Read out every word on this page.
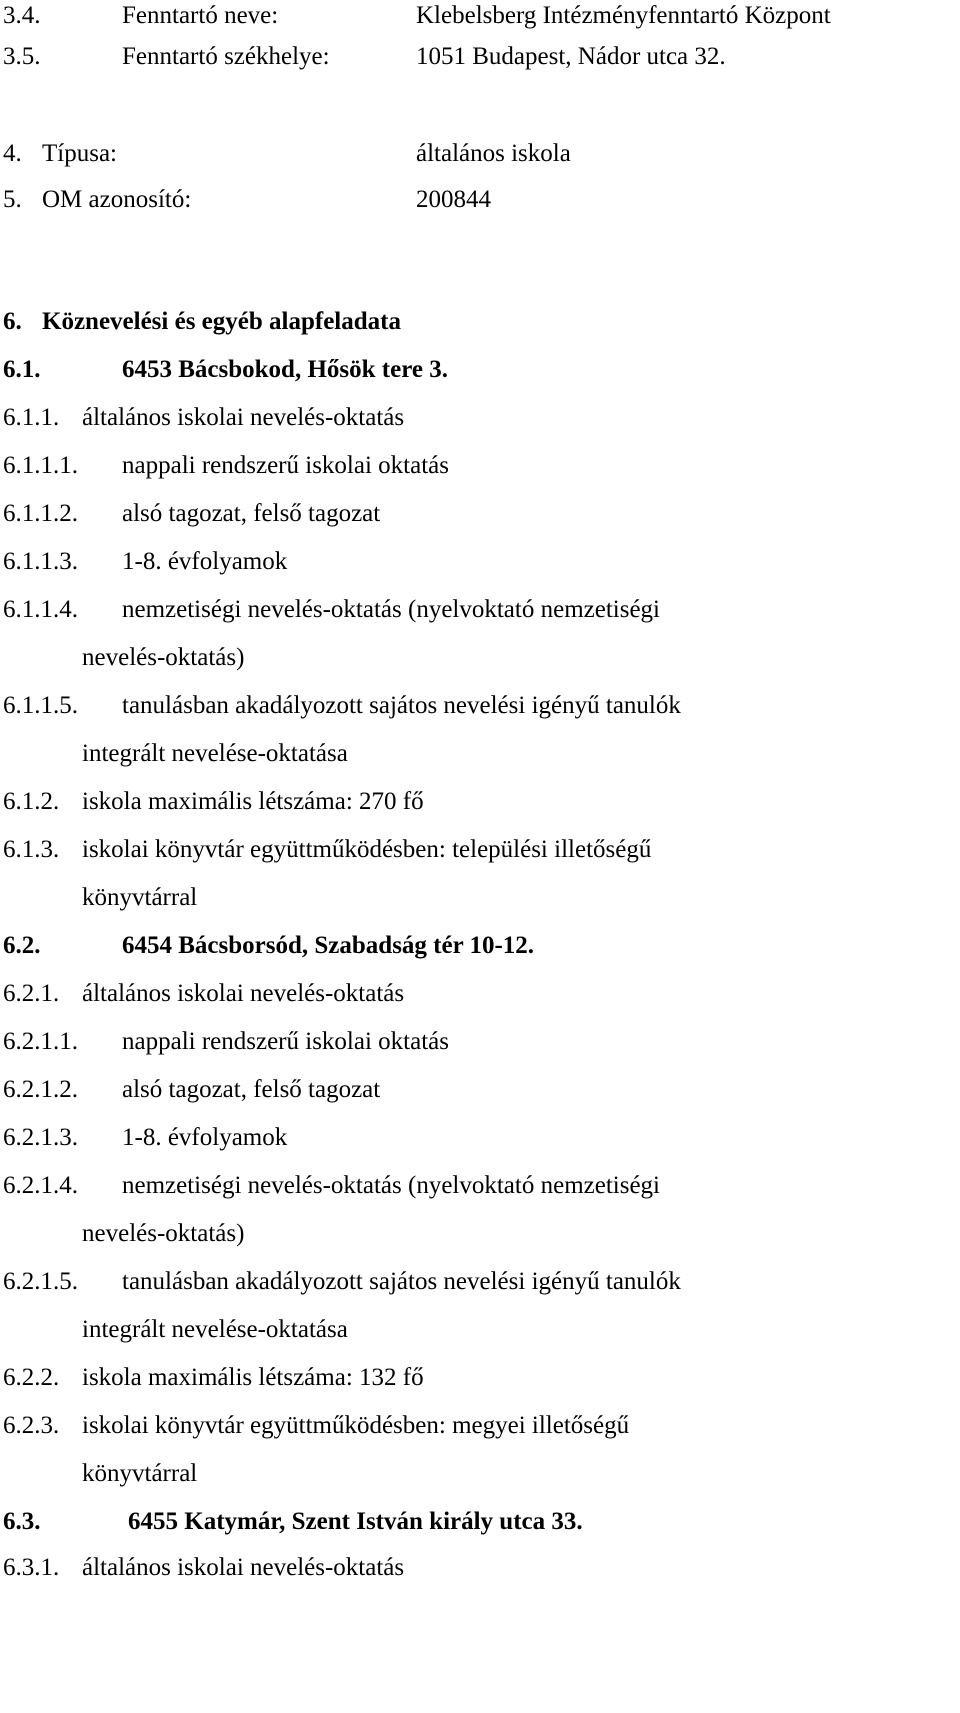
3.4.	Fenntartó neve:	Klebelsberg Intézményfenntartó Központ
3.5.	Fenntartó székhelye:	1051 Budapest, Nádor utca 32.
4. Típusa:	általános iskola
5. OM azonosító:	200844
6. Köznevelési és egyéb alapfeladata
6.1.	6453 Bácsbokod, Hősök tere 3.
6.1.1. általános iskolai nevelés-oktatás
6.1.1.1. nappali rendszerű iskolai oktatás
6.1.1.2. alsó tagozat, felső tagozat
6.1.1.3. 1-8. évfolyamok
6.1.1.4. nemzetiségi nevelés-oktatás (nyelvoktató nemzetiségi
nevelés-oktatás)
6.1.1.5. tanulásban akadályozott sajátos nevelési igényű tanulók
integrált nevelése-oktatása
6.1.2. iskola maximális létszáma: 270 fő
6.1.3. iskolai könyvtár együttműködésben: települési illetőségű
könyvtárral
6.2.	6454 Bácsborsód, Szabadság tér 10-12.
6.2.1. általános iskolai nevelés-oktatás
6.2.1.1. nappali rendszerű iskolai oktatás
6.2.1.2. alsó tagozat, felső tagozat
6.2.1.3. 1-8. évfolyamok
6.2.1.4. nemzetiségi nevelés-oktatás (nyelvoktató nemzetiségi
nevelés-oktatás)
6.2.1.5. tanulásban akadályozott sajátos nevelési igényű tanulók
integrált nevelése-oktatása
6.2.2. iskola maximális létszáma: 132 fő
6.2.3. iskolai könyvtár együttműködésben: megyei illetőségű
könyvtárral
6.3.	6455 Katymár, Szent István király utca 33.
6.3.1. általános iskolai nevelés-oktatás
